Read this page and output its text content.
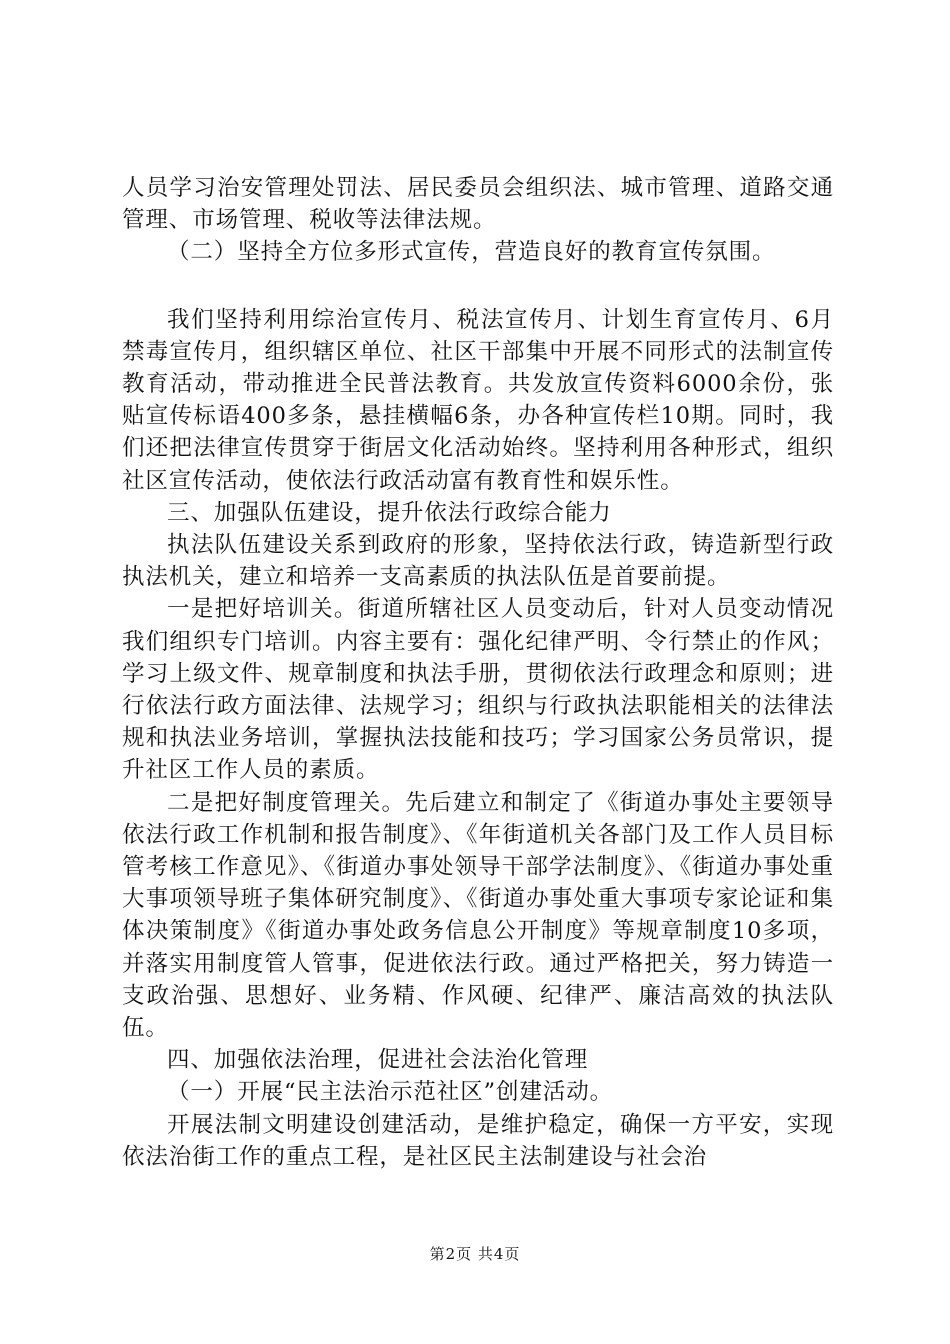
人员学习治安管理处罚法、居民委员会组织法、城市管理、道路交通管理、市场管理、税收等法律法规。

（二）坚持全方位多形式宣传，营造良好的教育宣传氛围。

我们坚持利用综治宣传月、税法宣传月、计划生育宣传月、6月禁毒宣传月，组织辖区单位、社区干部集中开展不同形式的法制宣传教育活动，带动推进全民普法教育。共发放宣传资料6000余份，张贴宣传标语400多条，悬挂横幅6条，办各种宣传栏10期。同时，我们还把法律宣传贯穿于街居文化活动始终。坚持利用各种形式，组织社区宣传活动，使依法行政活动富有教育性和娱乐性。

三、加强队伍建设，提升依法行政综合能力

执法队伍建设关系到政府的形象，坚持依法行政，铸造新型行政执法机关，建立和培养一支高素质的执法队伍是首要前提。

一是把好培训关。街道所辖社区人员变动后，针对人员变动情况我们组织专门培训。内容主要有：强化纪律严明、令行禁止的作风；学习上级文件、规章制度和执法手册，贯彻依法行政理念和原则；进行依法行政方面法律、法规学习；组织与行政执法职能相关的法律法规和执法业务培训，掌握执法技能和技巧；学习国家公务员常识，提升社区工作人员的素质。

二是把好制度管理关。先后建立和制定了《街道办事处主要领导依法行政工作机制和报告制度》、《年街道机关各部门及工作人员目标管考核工作意见》、《街道办事处领导干部学法制度》、《街道办事处重大事项领导班子集体研究制度》、《街道办事处重大事项专家论证和集体决策制度》《街道办事处政务信息公开制度》等规章制度10多项，并落实用制度管人管事，促进依法行政。通过严格把关，努力铸造一支政治强、思想好、业务精、作风硬、纪律严、廉洁高效的执法队伍。

四、加强依法治理，促进社会法治化管理

（一）开展“民主法治示范社区”创建活动。

开展法制文明建设创建活动，是维护稳定，确保一方平安，实现依法治街工作的重点工程，是社区民主法制建设与社会治

第2页 共4页
